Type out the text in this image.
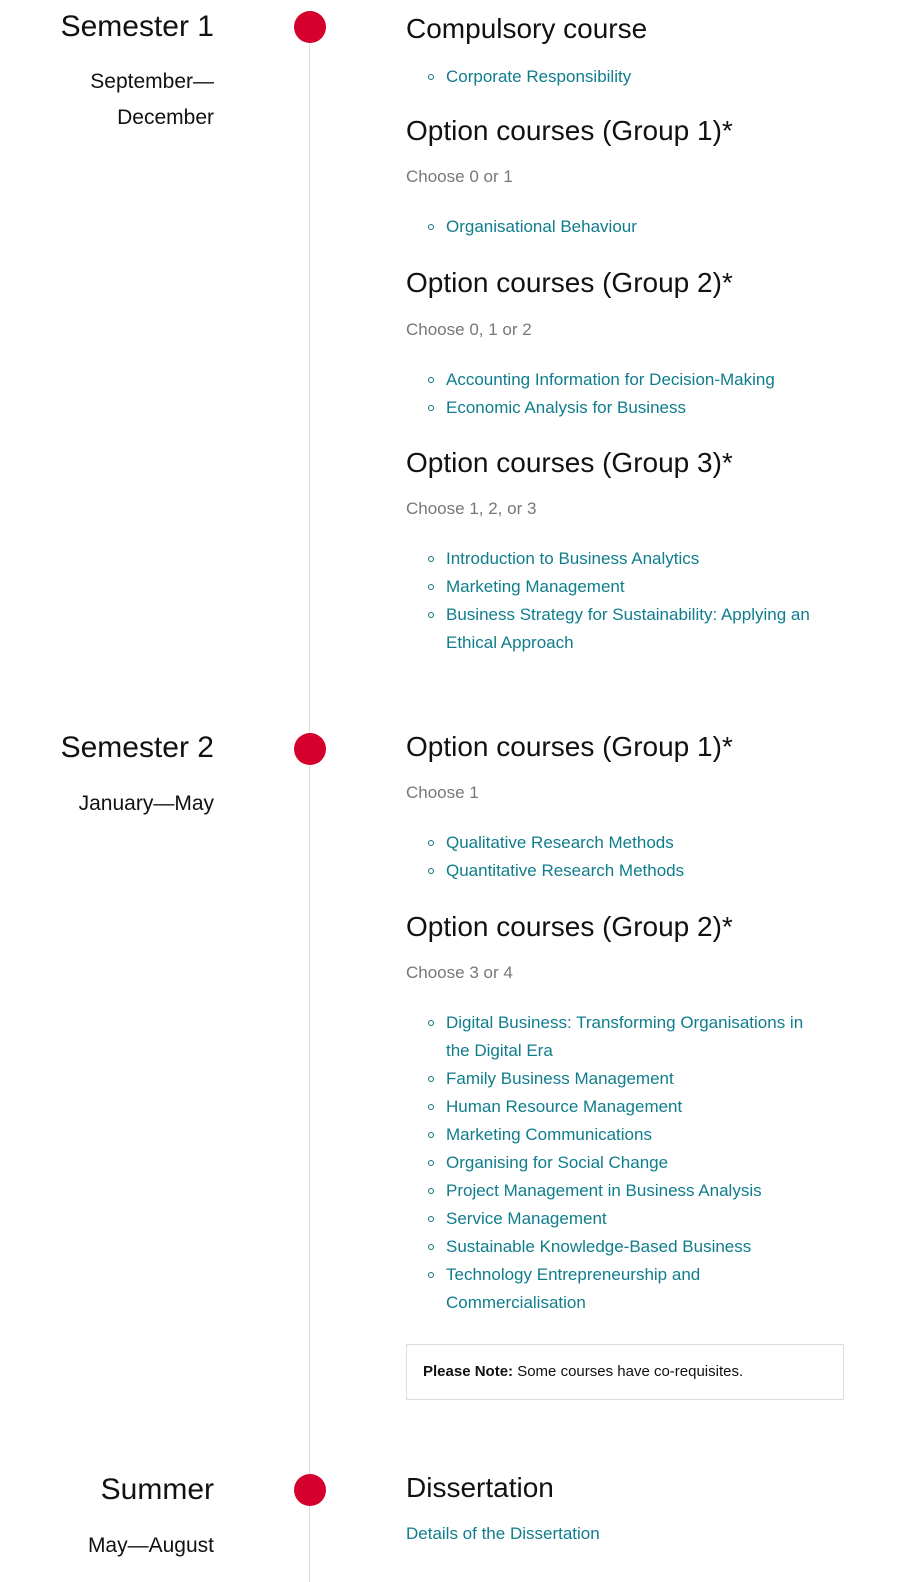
Semester 1
September—
December
Compulsory course
Corporate Responsibility
Option courses (Group 1)*

Choose 0 or 1

Organisational Behaviour
Option courses (Group 2)*

Choose 0, 1 or 2

Accounting Information for Decision-Making
Economic Analysis for Business
Option courses (Group 3)*

Choose 1, 2, or 3

Introduction to Business Analytics
Marketing Management
Business Strategy for Sustainability: Applying an
Ethical Approach
Semester 2
January—May
Option courses (Group 1)*

Choose 1

Qualitative Research Methods
Quantitative Research Methods
Option courses (Group 2)*

Choose 3 or 4

Digital Business: Transforming Organisations in
the Digital Era
Family Business Management
Human Resource Management
Marketing Communications
Organising for Social Change
Project Management in Business Analysis
Service Management
Sustainable Knowledge-Based Business
Technology Entrepreneurship and
Commercialisation
Please Note: Some courses have co-requisites.
Summer
May—August
Dissertation

Details of the Dissertation
